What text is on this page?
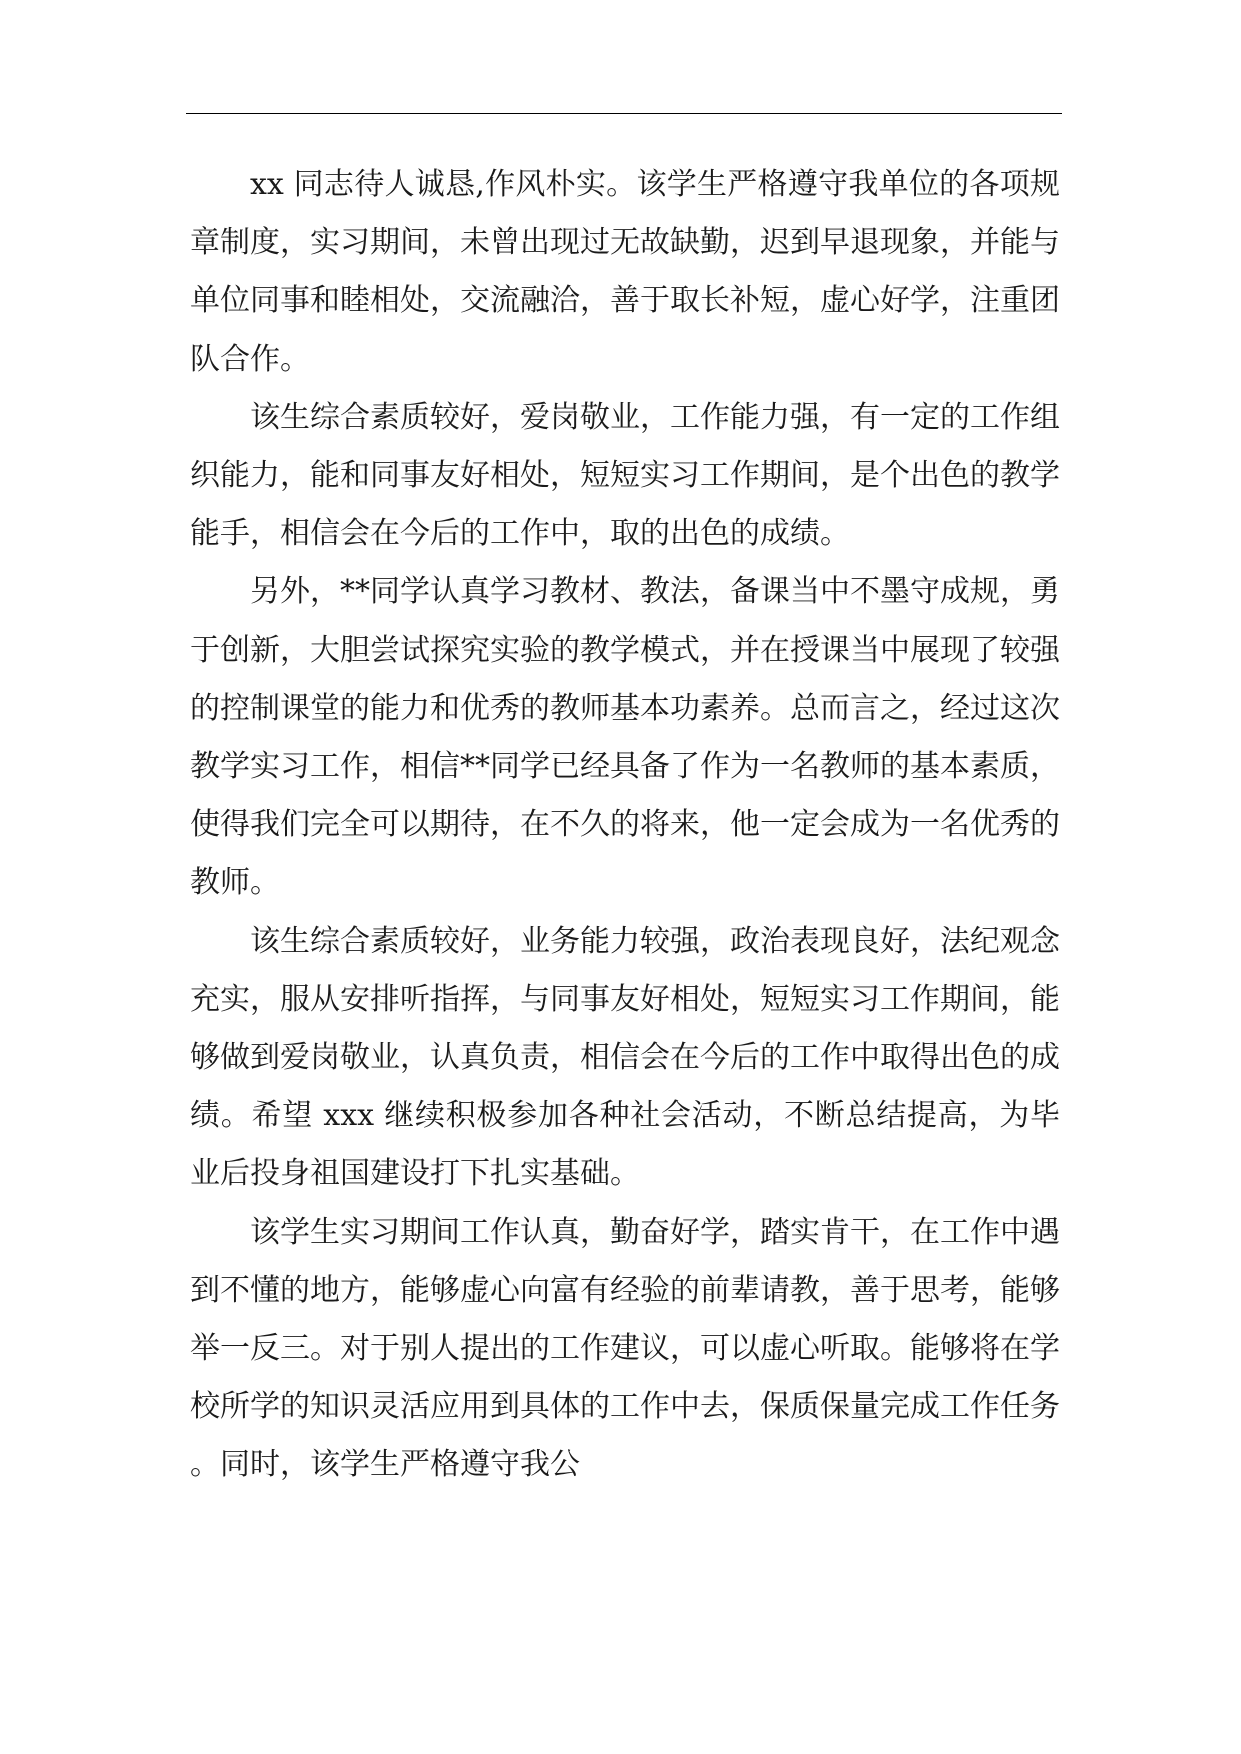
xx 同志待人诚恳,作风朴实。该学生严格遵守我单位的各项规章制度，实习期间，未曾出现过无故缺勤，迟到早退现象，并能与单位同事和睦相处，交流融洽，善于取长补短，虚心好学，注重团队合作。

该生综合素质较好，爱岗敬业，工作能力强，有一定的工作组织能力，能和同事友好相处，短短实习工作期间，是个出色的教学能手，相信会在今后的工作中，取的出色的成绩。

另外，**同学认真学习教材、教法，备课当中不墨守成规，勇于创新，大胆尝试探究实验的教学模式，并在授课当中展现了较强的控制课堂的能力和优秀的教师基本功素养。总而言之，经过这次教学实习工作，相信**同学已经具备了作为一名教师的基本素质，使得我们完全可以期待，在不久的将来，他一定会成为一名优秀的教师。

该生综合素质较好，业务能力较强，政治表现良好，法纪观念充实，服从安排听指挥，与同事友好相处，短短实习工作期间，能够做到爱岗敬业，认真负责，相信会在今后的工作中取得出色的成绩。希望 xxx 继续积极参加各种社会活动，不断总结提高，为毕业后投身祖国建设打下扎实基础。

该学生实习期间工作认真，勤奋好学，踏实肯干，在工作中遇到不懂的地方，能够虚心向富有经验的前辈请教，善于思考，能够举一反三。对于别人提出的工作建议，可以虚心听取。能够将在学校所学的知识灵活应用到具体的工作中去，保质保量完成工作任务。同时，该学生严格遵守我公
